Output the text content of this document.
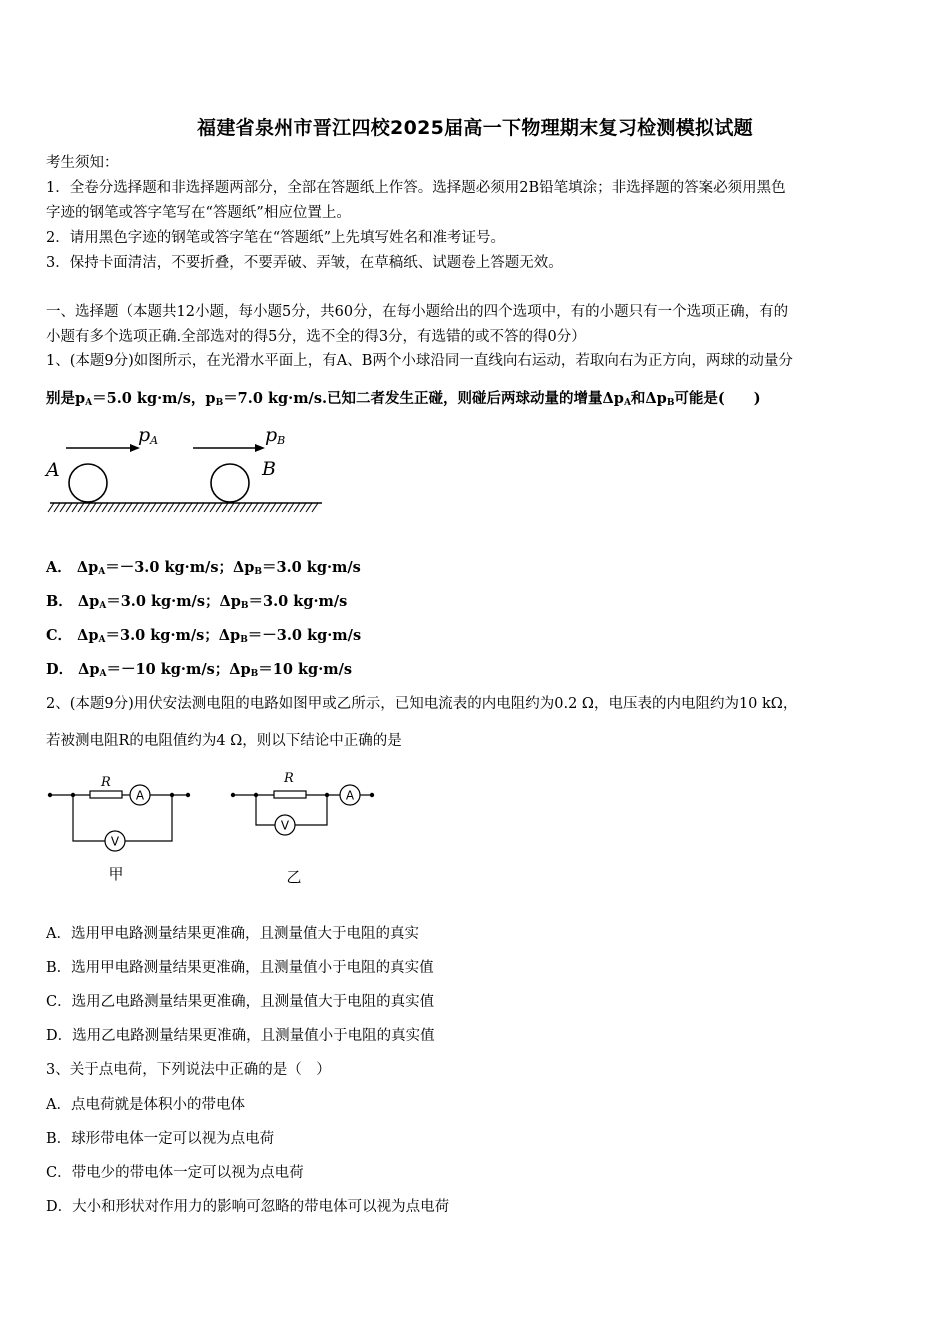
福建省泉州市晋江四校2025届高一下物理期末复习检测模拟试题
考生须知：
1．全卷分选择题和非选择题两部分，全部在答题纸上作答。选择题必须用2B铅笔填涂；非选择题的答案必须用黑色
字迹的钢笔或答字笔写在“答题纸”相应位置上。
2．请用黑色字迹的钢笔或答字笔在“答题纸”上先填写姓名和准考证号。
3．保持卡面清洁，不要折叠，不要弄破、弄皱，在草稿纸、试题卷上答题无效。
一、选择题（本题共12小题，每小题5分，共60分，在每小题给出的四个选项中，有的小题只有一个选项正确，有的
小题有多个选项正确.全部选对的得5分，选不全的得3分，有选错的或不答的得0分）
1、(本题9分)如图所示，在光滑水平面上，有A、B两个小球沿同一直线向右运动，若取向右为正方向，两球的动量分
别是$p_A=5.0$ kg·m/s，$p_B=7.0$ kg·m/s.已知二者发生正碰，则碰后两球动量的增量$\Delta p_A$和$\Delta p_B$可能是(　　)
pA	pB
A	B
A． $\Delta p_A=-3.0$ kg·m/s；$\Delta p_B=3.0$ kg·m/s
B． $\Delta p_A=3.0$ kg·m/s；$\Delta p_B=3.0$ kg·m/s
C． $\Delta p_A=3.0$ kg·m/s；$\Delta p_B=-3.0$ kg·m/s
D． $\Delta p_A=-10$ kg·m/s；$\Delta p_B=10$ kg·m/s
2、(本题9分)用伏安法测电阻的电路如图甲或乙所示，已知电流表的内电阻约为0.2 Ω，电压表的内电阻约为10 kΩ，
若被测电阻R的电阻值约为4 Ω，则以下结论中正确的是
R
A
V
甲
R
A
V
乙
A．选用甲电路测量结果更准确，且测量值大于电阻的真实
B．选用甲电路测量结果更准确，且测量值小于电阻的真实值
C．选用乙电路测量结果更准确，且测量值大于电阻的真实值
D．选用乙电路测量结果更准确，且测量值小于电阻的真实值
3、关于点电荷，下列说法中正确的是（　）
A．点电荷就是体积小的带电体
B．球形带电体一定可以视为点电荷
C．带电少的带电体一定可以视为点电荷
D．大小和形状对作用力的影响可忽略的带电体可以视为点电荷
